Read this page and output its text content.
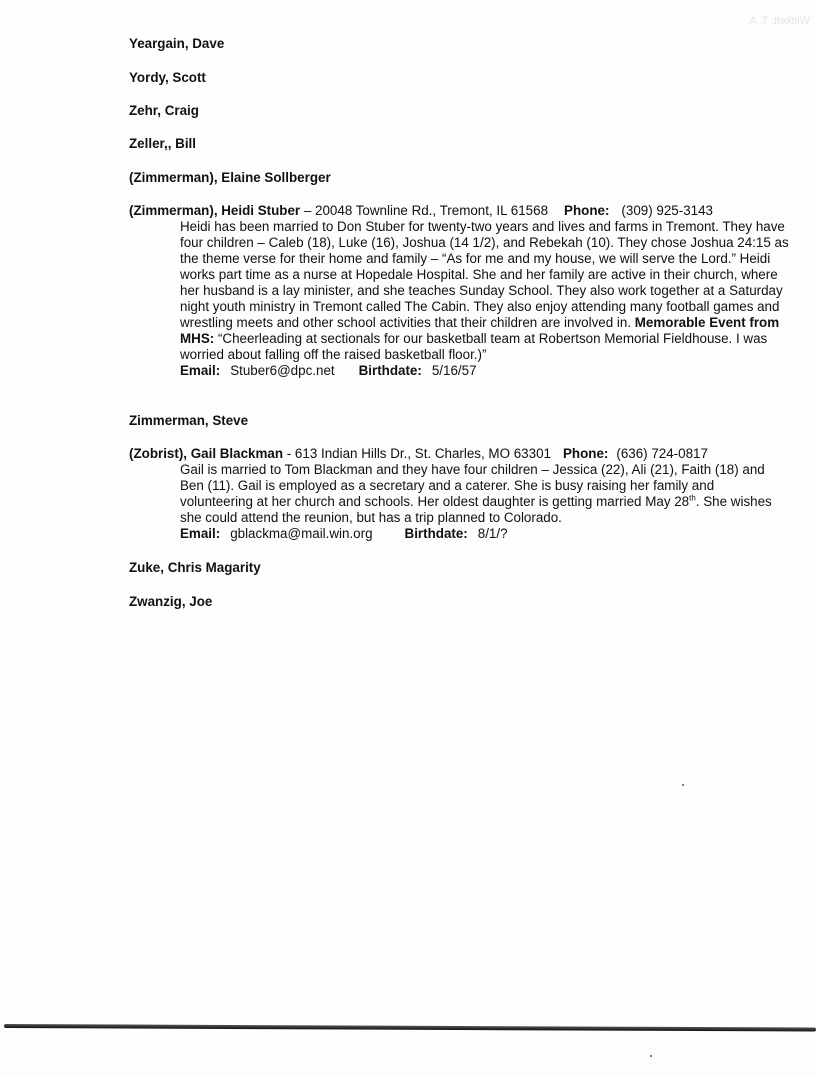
Wittkelt, T. A.
Yeargain, Dave
Yordy, Scott
Zehr, Craig
Zeller,, Bill
(Zimmerman), Elaine Sollberger
(Zimmerman), Heidi Stuber – 20048 Townline Rd., Tremont, IL 61568 Phone: (309) 925-3143

Heidi has been married to Don Stuber for twenty-two years and lives and farms in Tremont. They have four children – Caleb (18), Luke (16), Joshua (14 1/2), and Rebekah (10). They chose Joshua 24:15 as the theme verse for their home and family – “As for me and my house, we will serve the Lord.” Heidi works part time as a nurse at Hopedale Hospital. She and her family are active in their church, where her husband is a lay minister, and she teaches Sunday School. They also work together at a Saturday night youth ministry in Tremont called The Cabin. They also enjoy attending many football games and wrestling meets and other school activities that their children are involved in. Memorable Event from MHS: “Cheerleading at sectionals for our basketball team at Robertson Memorial Fieldhouse. I was worried about falling off the raised basketball floor.)”

Email: Stuber6@dpc.net Birthdate: 5/16/57
Zimmerman, Steve
(Zobrist), Gail Blackman - 613 Indian Hills Dr., St. Charles, MO 63301 Phone: (636) 724-0817

Gail is married to Tom Blackman and they have four children – Jessica (22), Ali (21), Faith (18) and Ben (11). Gail is employed as a secretary and a caterer. She is busy raising her family and volunteering at her church and schools. Her oldest daughter is getting married May 28th. She wishes she could attend the reunion, but has a trip planned to Colorado.

Email: gblackma@mail.win.org Birthdate: 8/1/?
Zuke, Chris Magarity
Zwanzig, Joe
